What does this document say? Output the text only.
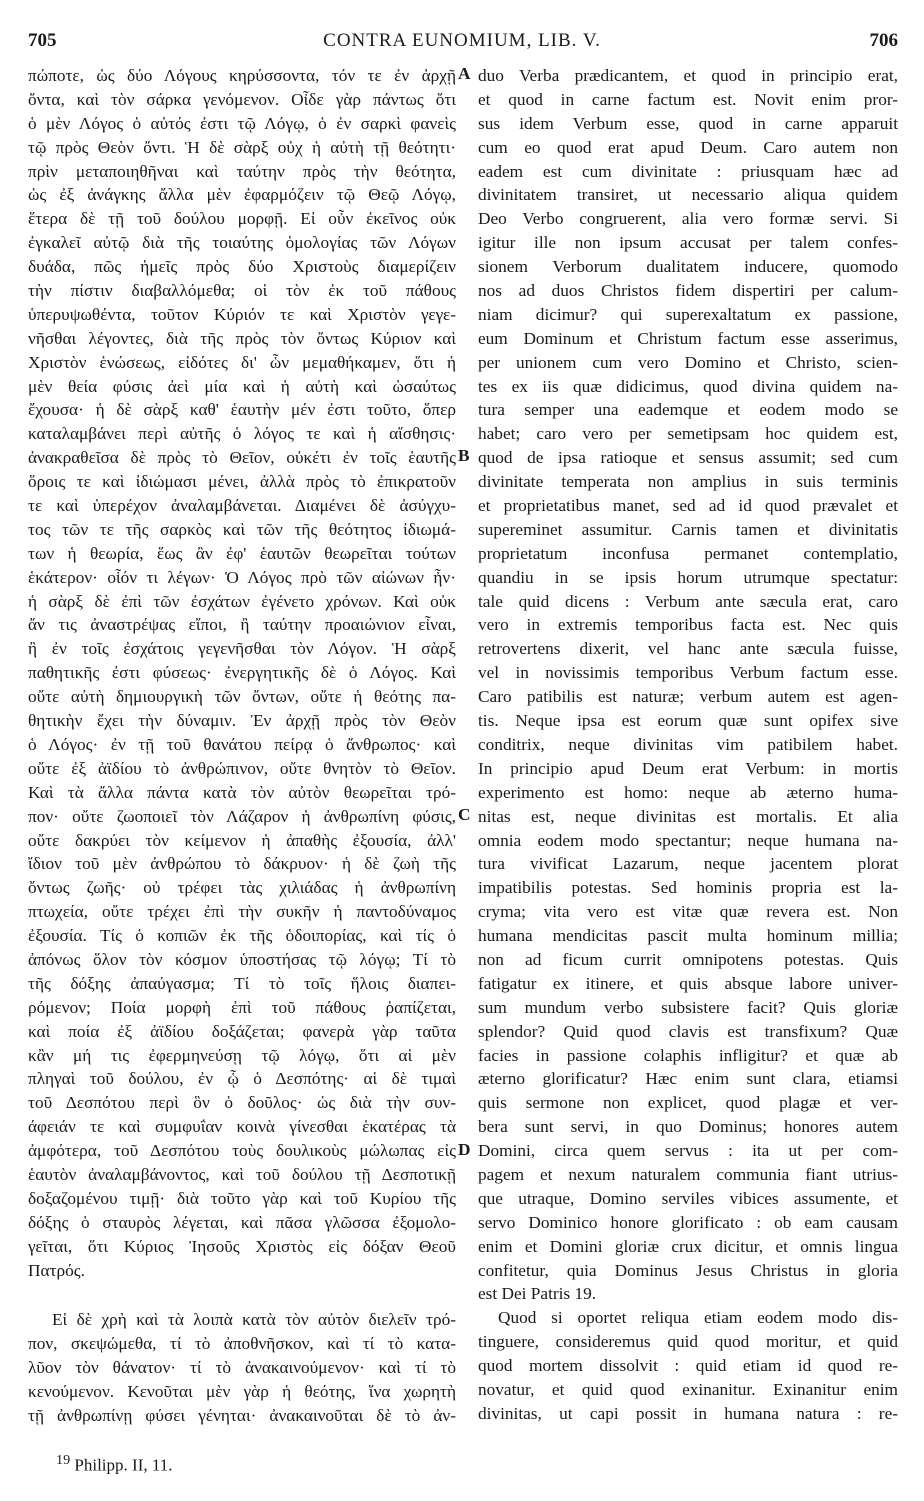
705	CONTRA EUNOMIUM, LIB. V.	706
πώποτε, ὡς δύο Λόγους κηρύσσοντα, τόν τε ἐν ἀρχῇ
ὄντα, καὶ τὸν σάρκα γενόμενον. Οἶδε γὰρ πάντως ὅτι
ὁ μὲν Λόγος ὁ αὐτός ἐστι τῷ Λόγῳ, ὁ ἐν σαρκὶ φανεὶς
τῷ πρὸς Θεὸν ὄντι. Ἡ δὲ σὰρξ οὐχ ἡ αὐτὴ τῇ θεότητι·
πρὶν μεταποιηθῆναι καὶ ταύτην πρὸς τὴν θεότητα,
ὡς ἐξ ἀνάγκης ἄλλα μὲν ἐφαρμόζειν τῷ Θεῷ Λόγῳ,
ἕτερα δὲ τῇ τοῦ δούλου μορφῇ. Εἰ οὖν ἐκεῖνος οὐκ
ἐγκαλεῖ αὐτῷ διὰ τῆς τοιαύτης ὁμολογίας τῶν Λόγων
δυάδα, πῶς ἡμεῖς πρὸς δύο Χριστοὺς διαμερίζειν
τὴν πίστιν διαβαλλόμεθα; οἱ τὸν ἐκ τοῦ πάθους
ὑπερυψωθέντα, τοῦτον Κύριόν τε καὶ Χριστὸν γεγε-
νῆσθαι λέγοντες, διὰ τῆς πρὸς τὸν ὄντως Κύριον καὶ
Χριστὸν ἑνώσεως, εἰδότες δι' ὧν μεμαθήκαμεν, ὅτι ἡ
μὲν θεία φύσις ἀεὶ μία καὶ ἡ αὐτὴ καὶ ὡσαύτως
ἔχουσα· ἡ δὲ σὰρξ καθ' ἑαυτὴν μέν ἐστι τοῦτο, ὅπερ
καταλαμβάνει περὶ αὐτῆς ὁ λόγος τε καὶ ἡ αἴσθησις·
ἀνακραθεῖσα δὲ πρὸς τὸ Θεῖον, οὐκέτι ἐν τοῖς ἑαυτῆς
ὅροις τε καὶ ἰδιώμασι μένει, ἀλλὰ πρὸς τὸ ἐπικρατοῦν
τε καὶ ὑπερέχον ἀναλαμβάνεται. Διαμένει δὲ ἀσύγχυ-
τος τῶν τε τῆς σαρκὸς καὶ τῶν τῆς θεότητος ἰδιωμά-
των ἡ θεωρία, ἕως ἂν ἐφ' ἑαυτῶν θεωρεῖται τούτων
ἑκάτερον· οἷόν τι λέγων· Ὁ Λόγος πρὸ τῶν αἰώνων ἦν·
ἡ σὰρξ δὲ ἐπὶ τῶν ἐσχάτων ἐγένετο χρόνων. Καὶ οὐκ
ἄν τις ἀναστρέψας εἴποι, ἢ ταύτην προαιώνιον εἶναι,
ἢ ἐν τοῖς ἐσχάτοις γεγενῆσθαι τὸν Λόγον. Ἡ σὰρξ
παθητικῆς ἐστι φύσεως· ἐνεργητικῆς δὲ ὁ Λόγος. Καὶ
οὔτε αὐτὴ δημιουργικὴ τῶν ὄντων, οὔτε ἡ θεότης πα-
θητικὴν ἔχει τὴν δύναμιν. Ἐν ἀρχῇ πρὸς τὸν Θεὸν
ὁ Λόγος· ἐν τῇ τοῦ θανάτου πείρᾳ ὁ ἄνθρωπος· καὶ
οὔτε ἐξ ἀϊδίου τὸ ἀνθρώπινον, οὔτε θνητὸν τὸ Θεῖον.
Καὶ τὰ ἄλλα πάντα κατὰ τὸν αὐτὸν θεωρεῖται τρό-
πον· οὔτε ζωοποιεῖ τὸν Λάζαρον ἡ ἀνθρωπίνη φύσις,
οὔτε δακρύει τὸν κείμενον ἡ ἀπαθὴς ἐξουσία, ἀλλ'
ἴδιον τοῦ μὲν ἀνθρώπου τὸ δάκρυον· ἡ δὲ ζωὴ τῆς
ὄντως ζωῆς· οὐ τρέφει τὰς χιλιάδας ἡ ἀνθρωπίνη
πτωχεία, οὔτε τρέχει ἐπὶ τὴν συκῆν ἡ παντοδύναμος
ἐξουσία. Τίς ὁ κοπιῶν ἐκ τῆς ὁδοιπορίας, καὶ τίς ὁ
ἀπόνως ὅλον τὸν κόσμον ὑποστήσας τῷ λόγῳ; Τί τὸ
τῆς δόξης ἀπαύγασμα; Τί τὸ τοῖς ἥλοις διαπει-
ρόμενον; Ποία μορφὴ ἐπὶ τοῦ πάθους ῥαπίζεται,
καὶ ποία ἐξ ἀϊδίου δοξάζεται; φανερὰ γὰρ ταῦτα
κἂν μή τις ἐφερμηνεύσῃ τῷ λόγῳ, ὅτι αἱ μὲν
πληγαὶ τοῦ δούλου, ἐν ᾧ ὁ Δεσπότης· αἱ δὲ τιμαὶ
τοῦ Δεσπότου περὶ ὃν ὁ δοῦλος· ὡς διὰ τὴν συν-
άφειάν τε καὶ συμφυΐαν κοινὰ γίνεσθαι ἑκατέρας τὰ
ἀμφότερα, τοῦ Δεσπότου τοὺς δουλικοὺς μώλωπας εἰς
ἑαυτὸν ἀναλαμβάνοντος, καὶ τοῦ δούλου τῇ Δεσποτικῇ
δοξαζομένου τιμῇ· διὰ τοῦτο γὰρ καὶ τοῦ Κυρίου τῆς
δόξης ὁ σταυρὸς λέγεται, καὶ πᾶσα γλῶσσα ἐξομολο-
γεῖται, ὅτι Κύριος Ἰησοῦς Χριστὸς εἰς δόξαν Θεοῦ
Πατρός.
Εἰ δὲ χρὴ καὶ τὰ λοιπὰ κατὰ τὸν αὐτὸν διελεῖν τρό-
πον, σκεψώμεθα, τί τὸ ἀποθνῆσκον, καὶ τί τὸ κατα-
λῦον τὸν θάνατον· τί τὸ ἀνακαινούμενον· καὶ τί τὸ
κενούμενον. Κενοῦται μὲν γὰρ ἡ θεότης, ἵνα χωρητὴ
τῇ ἀνθρωπίνῃ φύσει γένηται· ἀνακαινοῦται δὲ τὸ ἀν-
duo Verba prædicantem, et quod in principio erat,
et quod in carne factum est. Novit enim pror-
sus idem Verbum esse, quod in carne apparuit
cum eo quod erat apud Deum. Caro autem non
eadem est cum divinitate : priusquam hæc ad
divinitatem transiret, ut necessario aliqua quidem
Deo Verbo congruerent, alia vero formæ servi. Si
igitur ille non ipsum accusat per talem confes-
sionem Verborum dualitatem inducere, quomodo
nos ad duos Christos fidem dispertiri per calum-
niam dicimur? qui superexaltatum ex passione,
eum Dominum et Christum factum esse asserimus,
per unionem cum vero Domino et Christo, scien-
tes ex iis quæ didicimus, quod divina quidem na-
tura semper una eademque et eodem modo se
habet; caro vero per semetipsam hoc quidem est,
quod de ipsa ratioque et sensus assumit; sed cum
divinitate temperata non amplius in suis terminis
et proprietatibus manet, sed ad id quod prævalet et
supereminet assumitur. Carnis tamen et divinitatis
proprietatum inconfusa permanet contemplatio,
quandiu in se ipsis horum utrumque spectatur:
tale quid dicens : Verbum ante sæcula erat, caro
vero in extremis temporibus facta est. Nec quis
retrovertens dixerit, vel hanc ante sæcula fuisse,
vel in novissimis temporibus Verbum factum esse.
Caro patibilis est naturæ; verbum autem est agen-
tis. Neque ipsa est eorum quæ sunt opifex sive
conditrix, neque divinitas vim patibilem habet.
In principio apud Deum erat Verbum: in mortis
experimento est homo: neque ab æterno huma-
nitas est, neque divinitas est mortalis. Et alia
omnia eodem modo spectantur; neque humana na-
tura vivificat Lazarum, neque jacentem plorat
impatibilis potestas. Sed hominis propria est la-
cryma; vita vero est vitæ quæ revera est. Non
humana mendicitas pascit multa hominum millia;
non ad ficum currit omnipotens potestas. Quis
fatigatur ex itinere, et quis absque labore univer-
sum mundum verbo subsistere facit? Quis gloriæ
splendor? Quid quod clavis est transfixum? Quæ
facies in passione colaphis infligitur? et quæ ab
æterno glorificatur? Hæc enim sunt clara, etiamsi
quis sermone non explicet, quod plagæ et ver-
bera sunt servi, in quo Dominus; honores autem
Domini, circa quem servus : ita ut per com-
pagem et nexum naturalem communia fiant utrius-
que utraque, Domino serviles vibices assumente, et
servo Dominico honore glorificato : ob eam causam
enim et Domini gloriæ crux dicitur, et omnis lingua
confitetur, quia Dominus Jesus Christus in gloria
est Dei Patris 19.
Quod si oportet reliqua etiam eodem modo dis-
tinguere, consideremus quid quod moritur, et quid
quod mortem dissolvit : quid etiam id quod re-
novatur, et quid quod exinanitur. Exinanitur enim
divinitas, ut capi possit in humana natura : re-
A
B
C
D
$^{19}$ Philipp. II, 11.
